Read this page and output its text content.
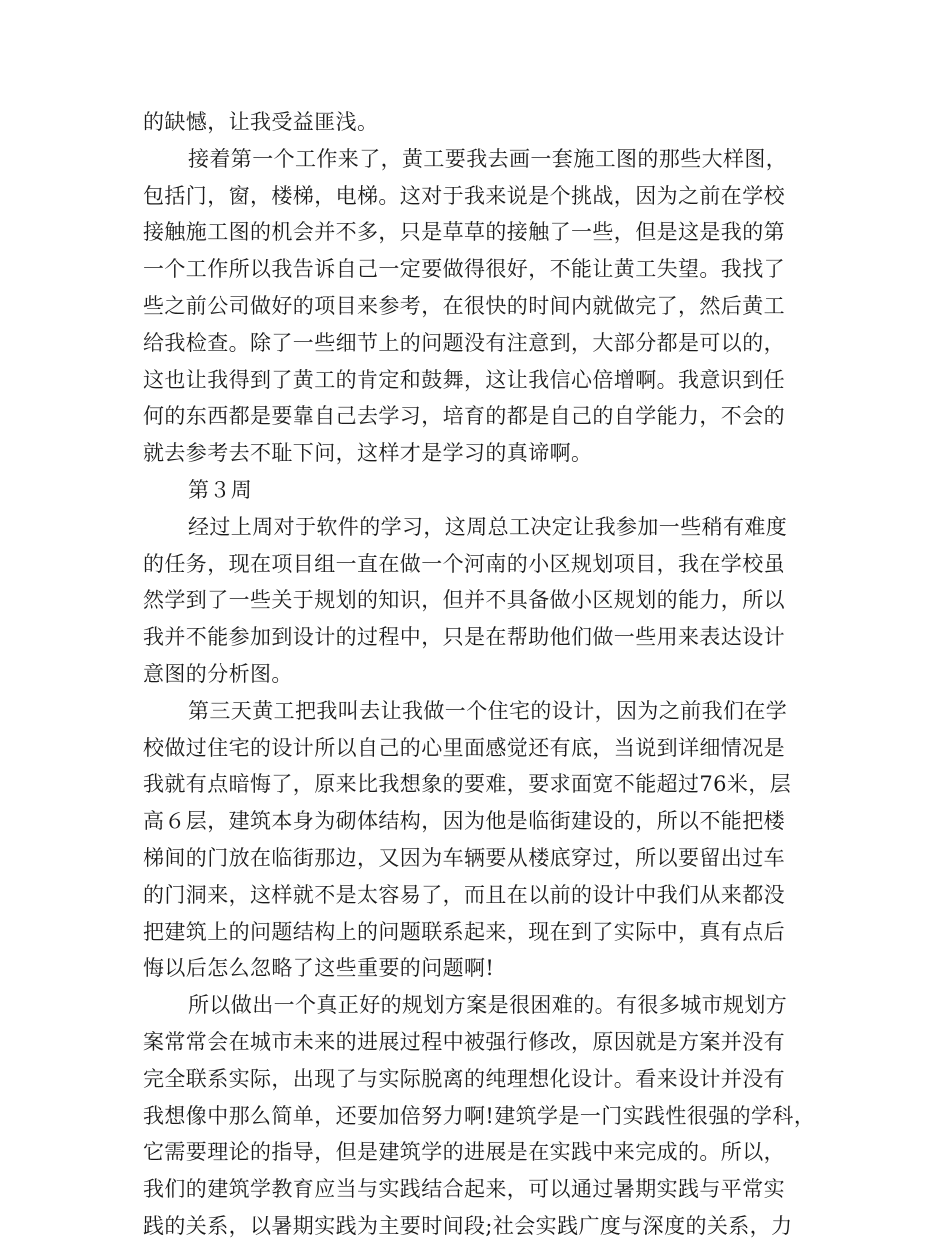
的缺憾，让我受益匪浅。
接着第一个工作来了，黄工要我去画一套施工图的那些大样图，
包括门，窗，楼梯，电梯。这对于我来说是个挑战，因为之前在学校
接触施工图的机会并不多，只是草草的接触了一些，但是这是我的第
一个工作所以我告诉自己一定要做得很好，不能让黄工失望。我找了
些之前公司做好的项目来参考，在很快的时间内就做完了，然后黄工
给我检查。除了一些细节上的问题没有注意到，大部分都是可以的，
这也让我得到了黄工的肯定和鼓舞，这让我信心倍增啊。我意识到任
何的东西都是要靠自己去学习，培育的都是自己的自学能力，不会的
就去参考去不耻下问，这样才是学习的真谛啊。
第３周
经过上周对于软件的学习，这周总工决定让我参加一些稍有难度
的任务，现在项目组一直在做一个河南的小区规划项目，我在学校虽
然学到了一些关于规划的知识，但并不具备做小区规划的能力，所以
我并不能参加到设计的过程中，只是在帮助他们做一些用来表达设计
意图的分析图。
第三天黄工把我叫去让我做一个住宅的设计，因为之前我们在学
校做过住宅的设计所以自己的心里面感觉还有底，当说到详细情况是
我就有点暗悔了，原来比我想象的要难，要求面宽不能超过76米，层
高６层，建筑本身为砌体结构，因为他是临街建设的，所以不能把楼
梯间的门放在临街那边，又因为车辆要从楼底穿过，所以要留出过车
的门洞来，这样就不是太容易了，而且在以前的设计中我们从来都没
把建筑上的问题结构上的问题联系起来，现在到了实际中，真有点后
悔以后怎么忽略了这些重要的问题啊!
所以做出一个真正好的规划方案是很困难的。有很多城市规划方
案常常会在城市未来的进展过程中被强行修改，原因就是方案并没有
完全联系实际，出现了与实际脱离的纯理想化设计。看来设计并没有
我想像中那么简单，还要加倍努力啊!建筑学是一门实践性很强的学科，
它需要理论的指导，但是建筑学的进展是在实践中来完成的。所以，
我们的建筑学教育应当与实践结合起来，可以通过暑期实践与平常实
践的关系，以暑期实践为主要时间段;社会实践广度与深度的关系，力
